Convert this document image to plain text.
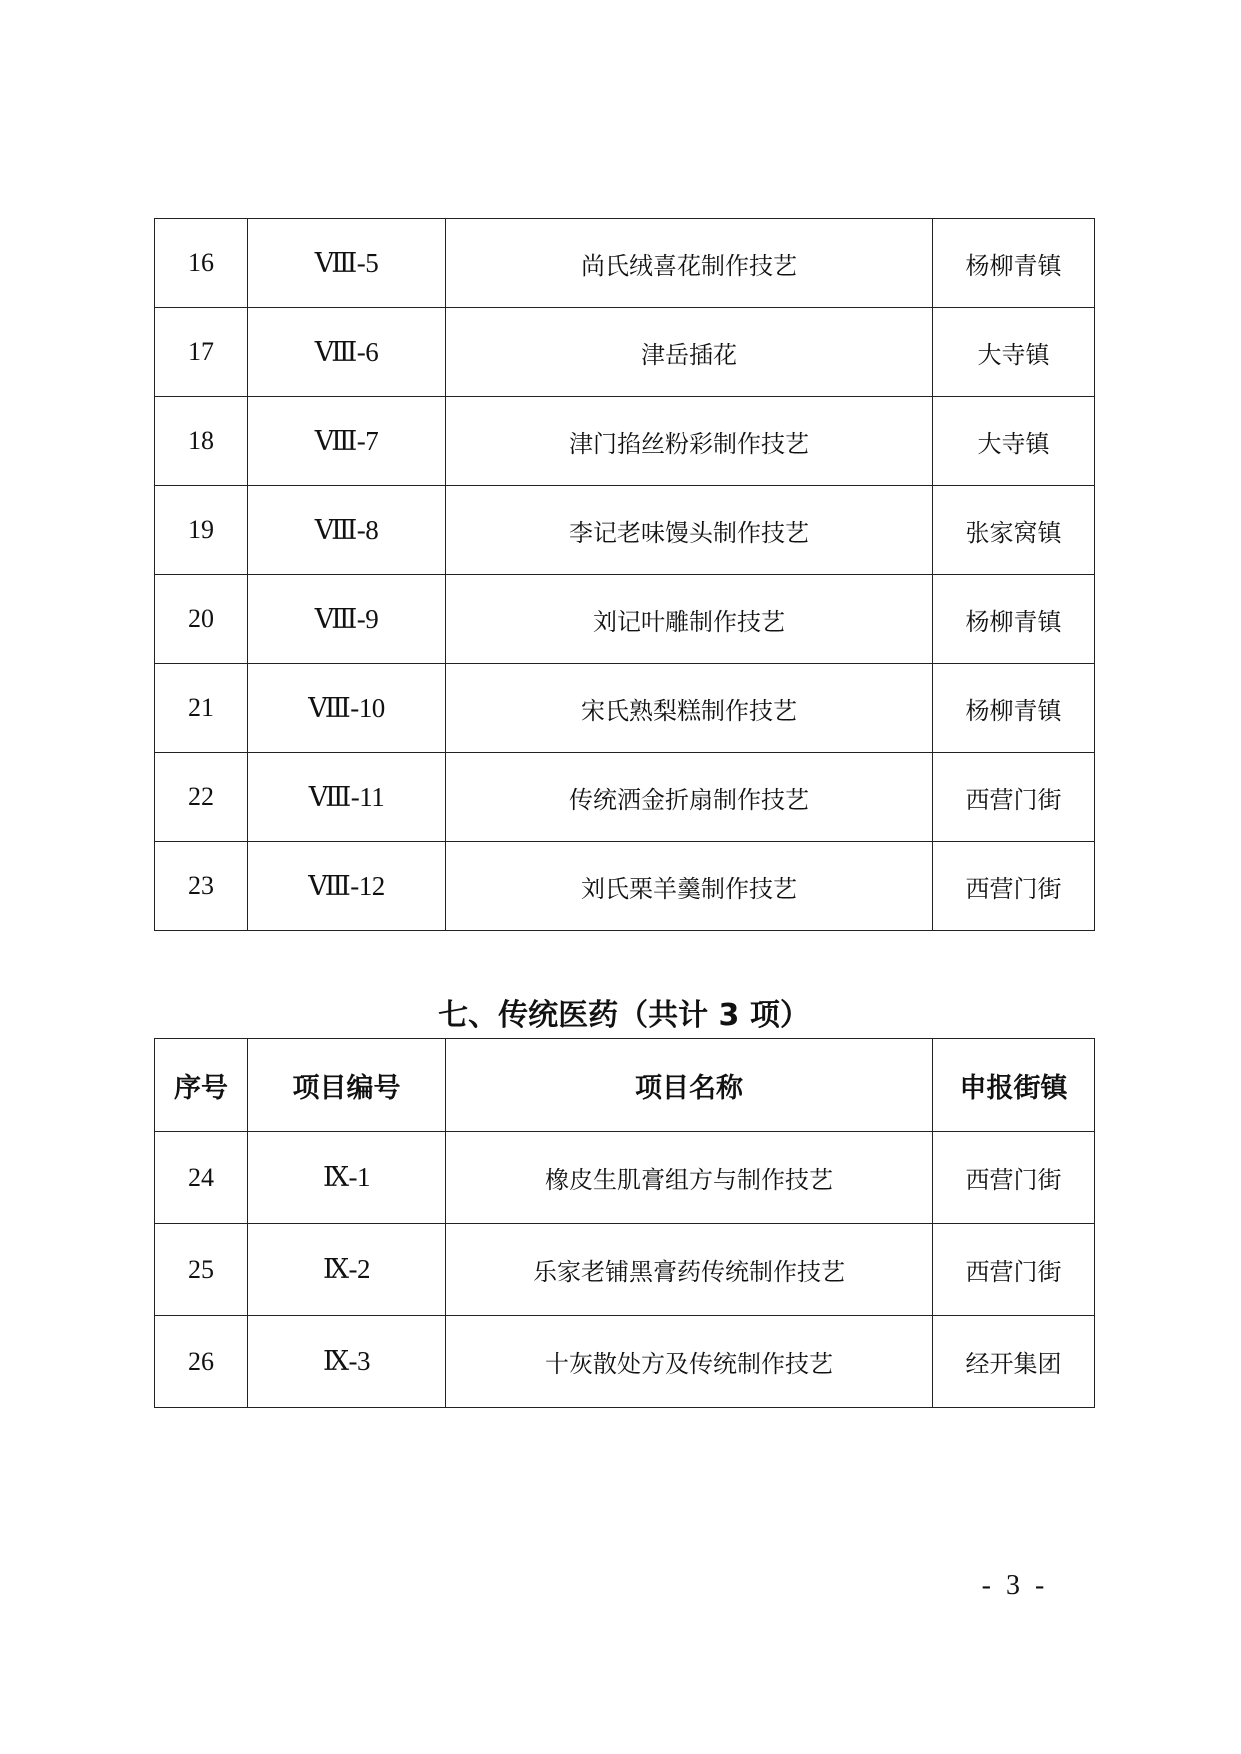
16	Ⅷ-5	尚氏绒喜花制作技艺	杨柳青镇
17	Ⅷ-6	津岳插花	大寺镇
18	Ⅷ-7	津门掐丝粉彩制作技艺	大寺镇
19	Ⅷ-8	李记老味馒头制作技艺	张家窝镇
20	Ⅷ-9	刘记叶雕制作技艺	杨柳青镇
21	Ⅷ-10	宋氏熟梨糕制作技艺	杨柳青镇
22	Ⅷ-11	传统洒金折扇制作技艺	西营门街
23	Ⅷ-12	刘氏栗羊羹制作技艺	西营门街
七、传统医药（共计 3 项）
序号	项目编号	项目名称	申报街镇
24	Ⅸ-1	橡皮生肌膏组方与制作技艺	西营门街
25	Ⅸ-2	乐家老铺黑膏药传统制作技艺	西营门街
26	Ⅸ-3	十灰散处方及传统制作技艺	经开集团
- 3 -
